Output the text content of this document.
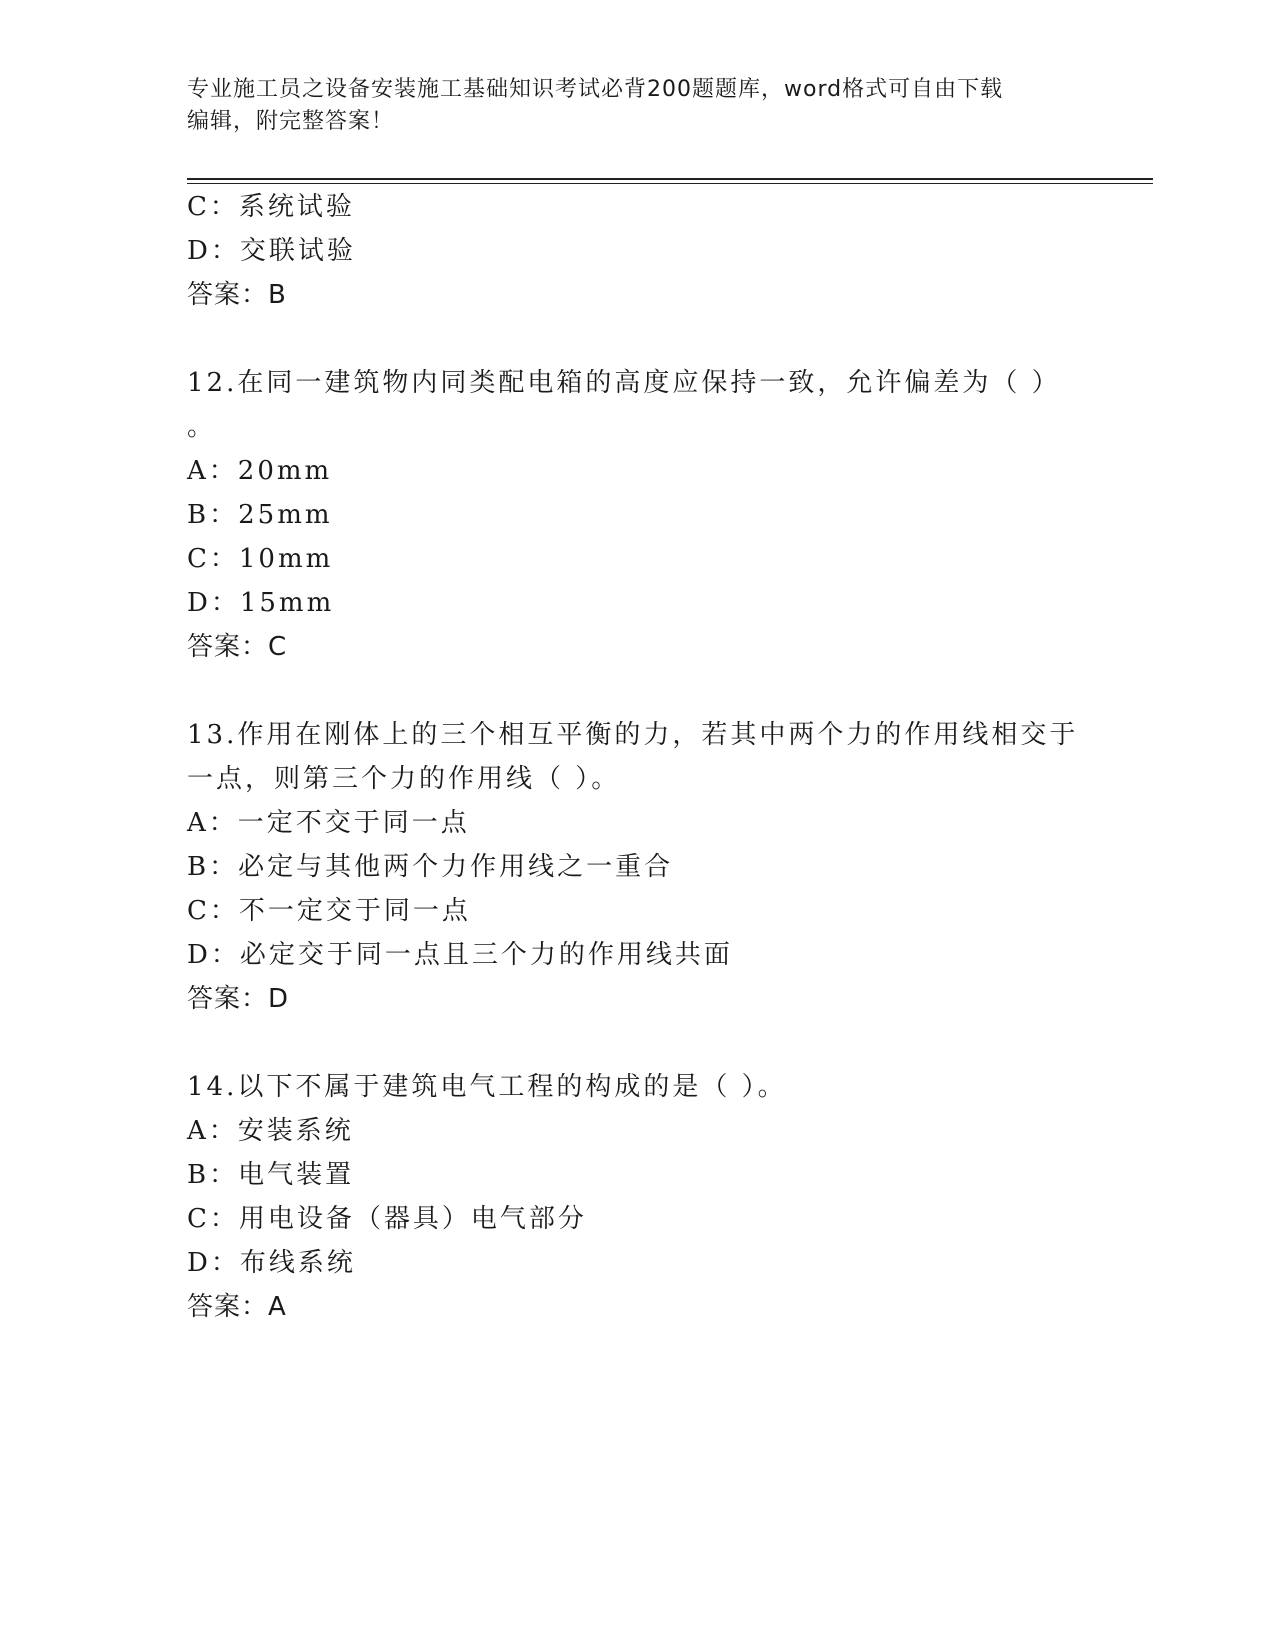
专业施工员之设备安装施工基础知识考试必背200题题库，word格式可自由下载
编辑，附完整答案！
C：系统试验
D：交联试验
答案：B
12.在同一建筑物内同类配电箱的高度应保持一致，允许偏差为（ ）
。
A：20mm
B：25mm
C：10mm
D：15mm
答案：C
13.作用在刚体上的三个相互平衡的力，若其中两个力的作用线相交于
一点，则第三个力的作用线（ ）。
A：一定不交于同一点
B：必定与其他两个力作用线之一重合
C：不一定交于同一点
D：必定交于同一点且三个力的作用线共面
答案：D
14.以下不属于建筑电气工程的构成的是（ ）。
A：安装系统
B：电气装置
C：用电设备（器具）电气部分
D：布线系统
答案：A
